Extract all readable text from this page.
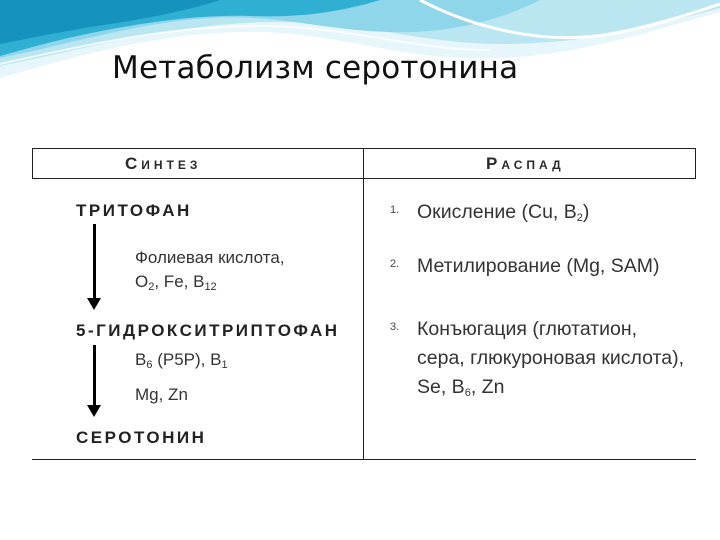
Метаболизм серотонина
Синтез	Распад
ТРИТОФАН
Фолиевая кислота,
$O_2$, Fe, $B_{12}$
5-ГИДРОКСИТРИПТОФАН
$B_6$ (P5P), $B_1$
Mg, Zn
СЕРОТОНИН
1. Окисление (Cu, $B_2$)
2. Метилирование (Mg, SAM)
3. Конъюгация (глютатион,
сера, глюкуроновая кислота),
Se, $B_6$, Zn
